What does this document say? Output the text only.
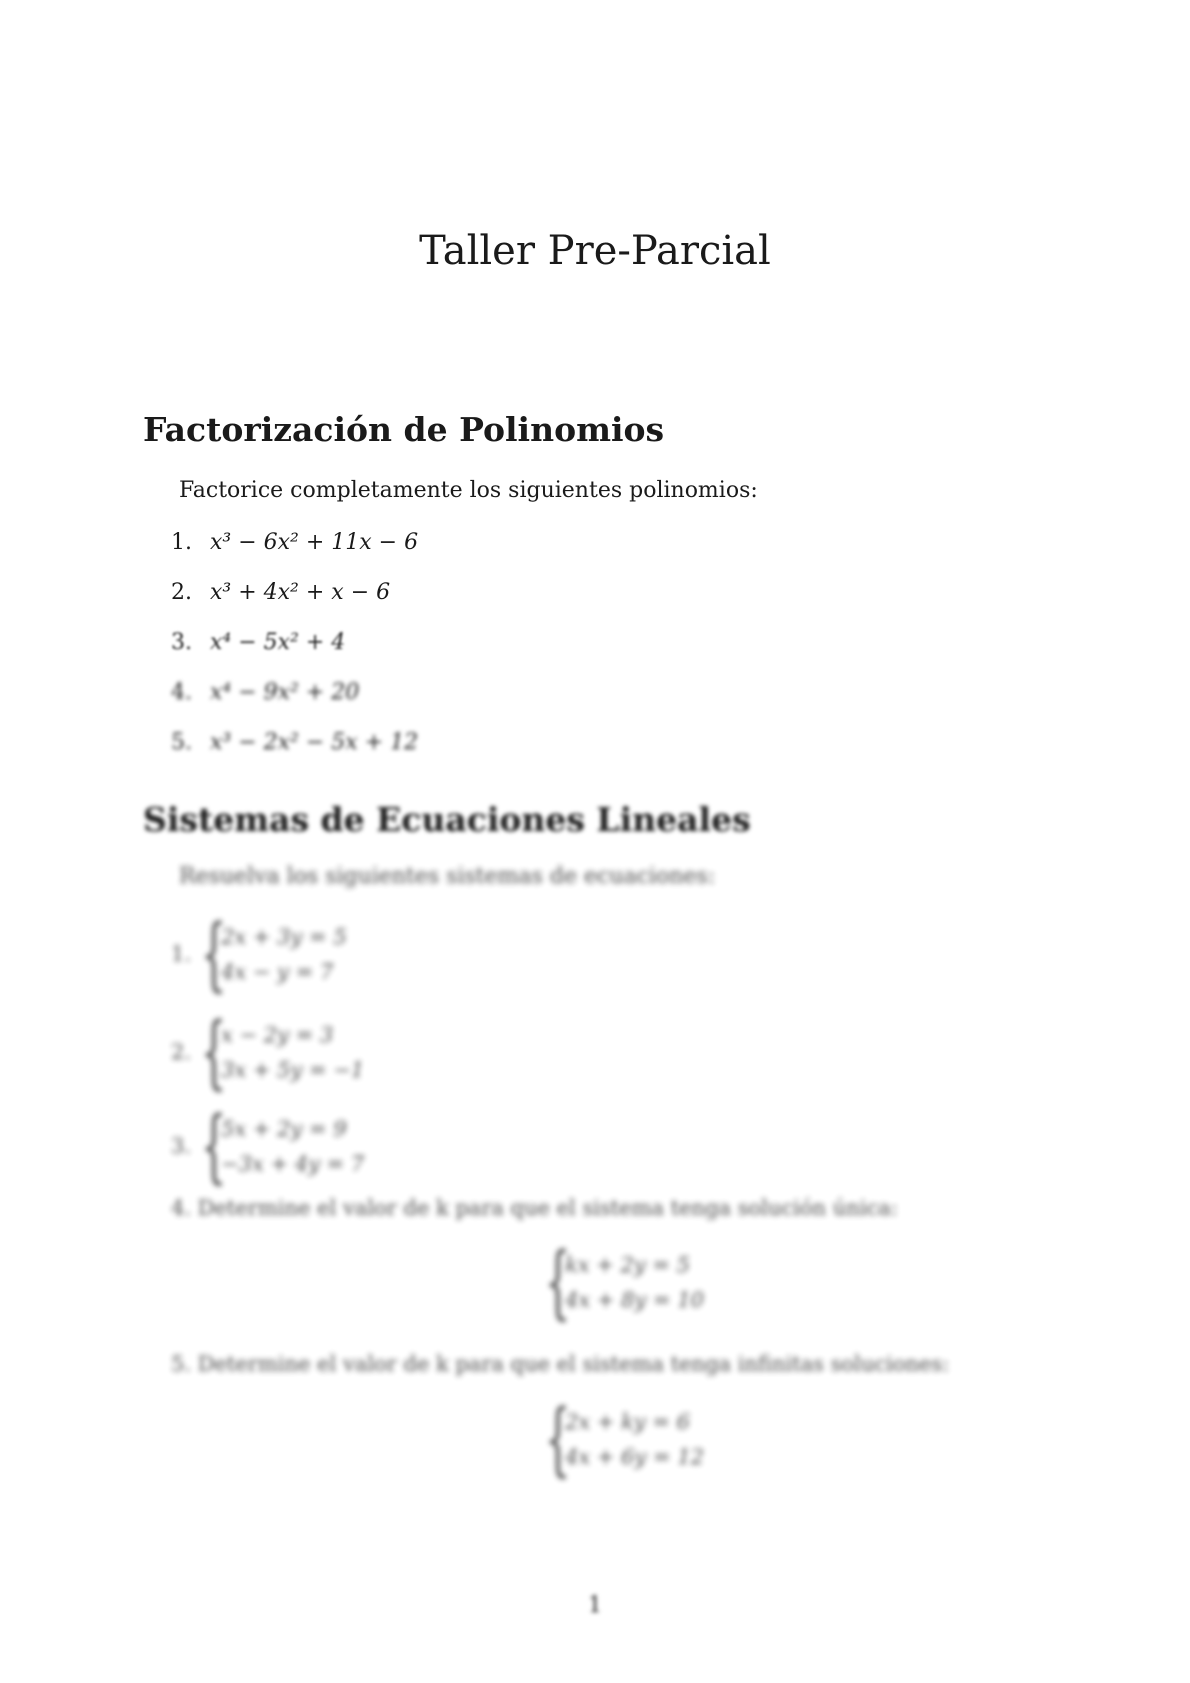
Taller Pre-Parcial
Factorización de Polinomios

Factorice completamente los siguientes polinomios:

1. x³ − 6x² + 11x − 6
2. x³ + 4x² + x − 6
3. x⁴ − 5x² + 4
4. x⁴ − 9x² + 20
5. x³ − 2x² − 5x + 12
Sistemas de Ecuaciones Lineales

Resuelva los siguientes sistemas de ecuaciones:

1. {
2x + 3y = 5
4x − y = 7
2. {
x − 2y = 3
3x + 5y = −1
3. {
5x + 2y = 9
−3x + 4y = 7
4. Determine el valor de k para que el sistema tenga solución única:
{
kx + 2y = 5
4x + 8y = 10
5. Determine el valor de k para que el sistema tenga infinitas soluciones:
{
2x + ky = 6
4x + 6y = 12
1
